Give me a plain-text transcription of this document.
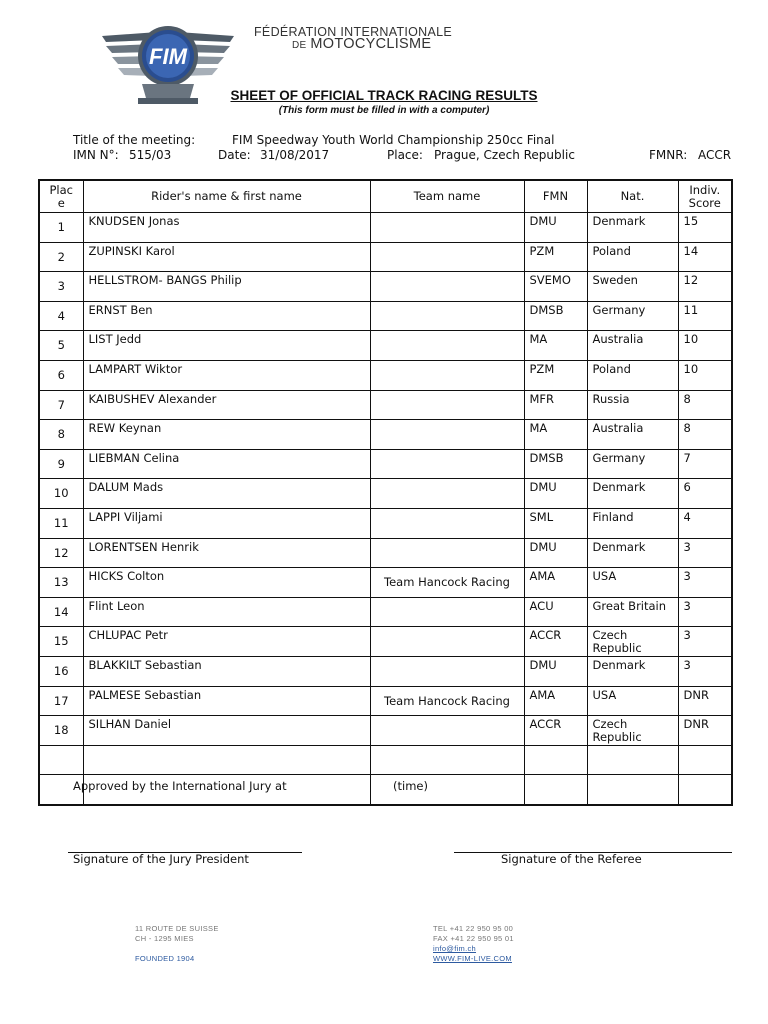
FIM
FÉDÉRATION INTERNATIONALE
DE MOTOCYCLISME
SHEET OF OFFICIAL TRACK RACING RESULTS
(This form must be filled in with a computer)
Title of the meeting:	FIM Speedway Youth World Championship 250cc Final
IMN N°: 515/03	Date: 31/08/2017	Place: Prague, Czech Republic	FMNR: ACCR
Plac e	Rider's name & first name	Team name	FMN	Nat.	Indiv. Score
1	KNUDSEN Jonas		DMU	Denmark	15
2	ZUPINSKI Karol		PZM	Poland	14
3	HELLSTROM- BANGS Philip		SVEMO	Sweden	12
4	ERNST Ben		DMSB	Germany	11
5	LIST Jedd		MA	Australia	10
6	LAMPART Wiktor		PZM	Poland	10
7	KAIBUSHEV Alexander		MFR	Russia	8
8	REW Keynan		MA	Australia	8
9	LIEBMAN Celina		DMSB	Germany	7
10	DALUM Mads		DMU	Denmark	6
11	LAPPI Viljami		SML	Finland	4
12	LORENTSEN Henrik		DMU	Denmark	3
13	HICKS Colton	Team Hancock Racing	AMA	USA	3
14	Flint Leon		ACU	Great Britain	3
15	CHLUPAC Petr		ACCR	Czech Republic	3
16	BLAKKILT Sebastian		DMU	Denmark	3
17	PALMESE Sebastian	Team Hancock Racing	AMA	USA	DNR
18	SILHAN Daniel		ACCR	Czech Republic	DNR

Approved by the International Jury at	(time)
Signature of the Jury President	Signature of the Referee
11 ROUTE DE SUISSE
CH - 1295 MIES
FOUNDED 1904
TEL +41 22 950 95 00
FAX +41 22 950 95 01
info@fim.ch
WWW.FIM-LIVE.COM
